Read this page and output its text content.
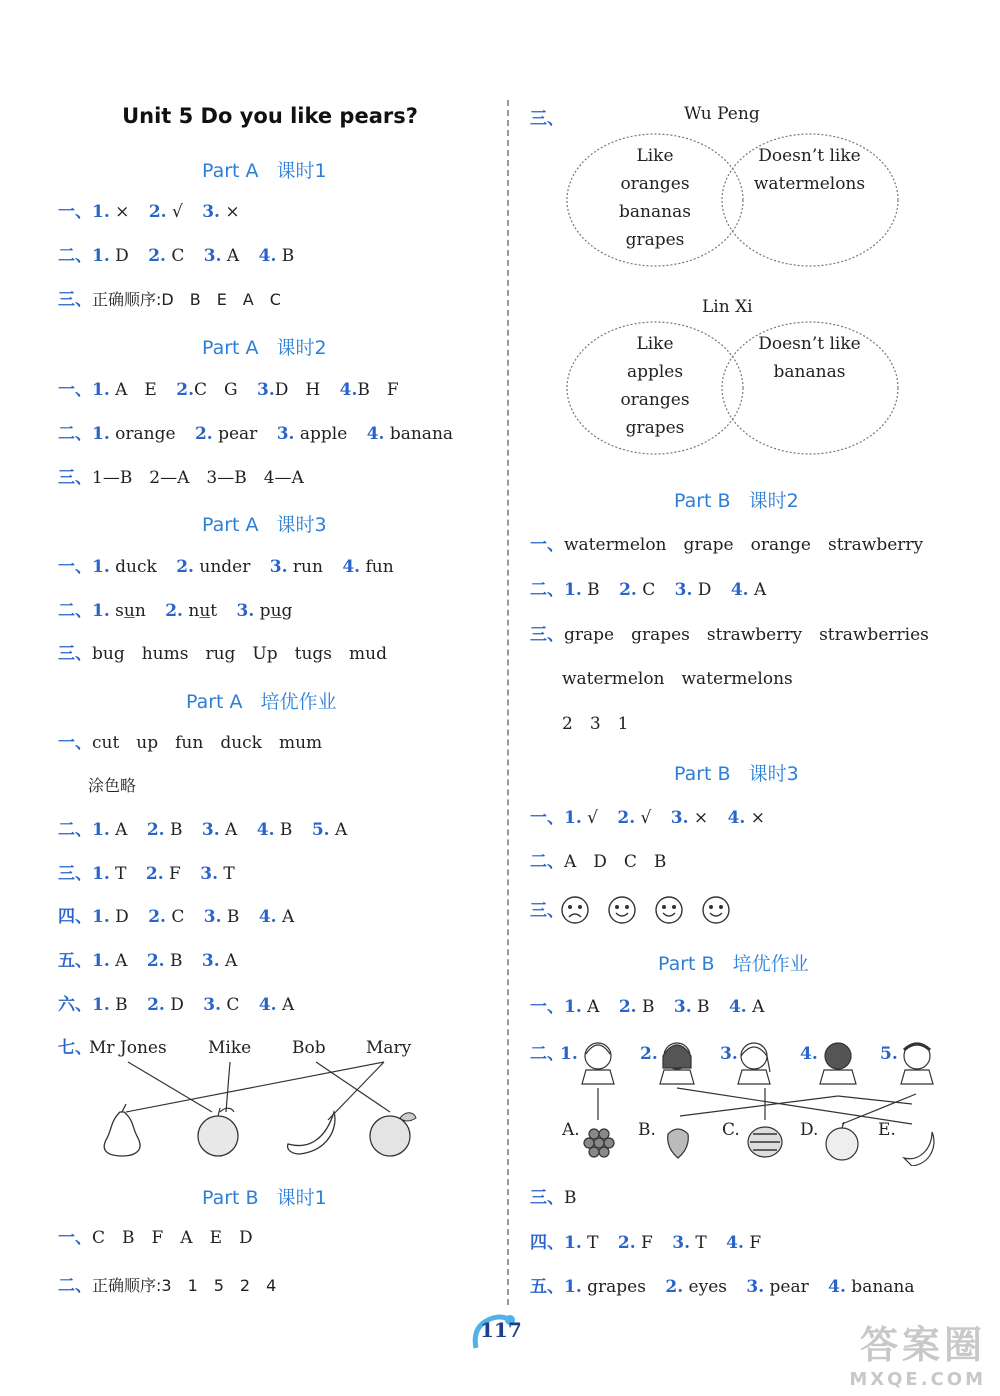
Unit 5 Do you like pears?
Part A 课时1
一、1. × 2. √ 3. ×
二、1. D 2. C 3. A 4. B
三、正确顺序:D　B　E　A　C
Part A 课时2
一、1. A　E 2.C　G 3.D　H 4.B　F
二、1. orange 2. pear 3. apple 4. banana
三、1—B　2—A　3—B　4—A
Part A 课时3
一、1. duck 2. under 3. run 4. fun
二、1. sun 2. nut 3. pug
三、bug　hums　rug　Up　tugs　mud
Part A 培优作业
一、cut　up　fun　duck　mum
涂色略
二、1. A 2. B 3. A 4. B 5. A
三、1. T 2. F 3. T
四、1. D 2. C 3. B 4. A
五、1. A 2. B 3. A
六、1. B 2. D 3. C 4. A
七、
Mr Jones Mike Bob Mary
Part B 课时1
一、C　B　F　A　E　D
二、正确顺序:3　1　5　2　4
三、	Wu Peng
Like
oranges
bananas
grapes
Doesn’t like
watermelons
Lin Xi
Like
apples
oranges
grapes
Doesn’t like
bananas
Part B 课时2
一、watermelon　grape　orange　strawberry
二、1. B 2. C 3. D 4. A
三、grape　grapes　strawberry　strawberries
watermelon　watermelons
2　3　1
Part B 课时3
一、1. √ 2. √ 3. × 4. ×
二、A　D　C　B
三、
Part B 培优作业
一、1. A 2. B 3. B 4. A
二、
1.	2.	3.	4.	5.
A.	B.	C.	D.	E.
三、B
四、1. T 2. F 3. T 4. F
五、1. grapes 2. eyes 3. pear 4. banana
117	答案圈
MXQE.COM
